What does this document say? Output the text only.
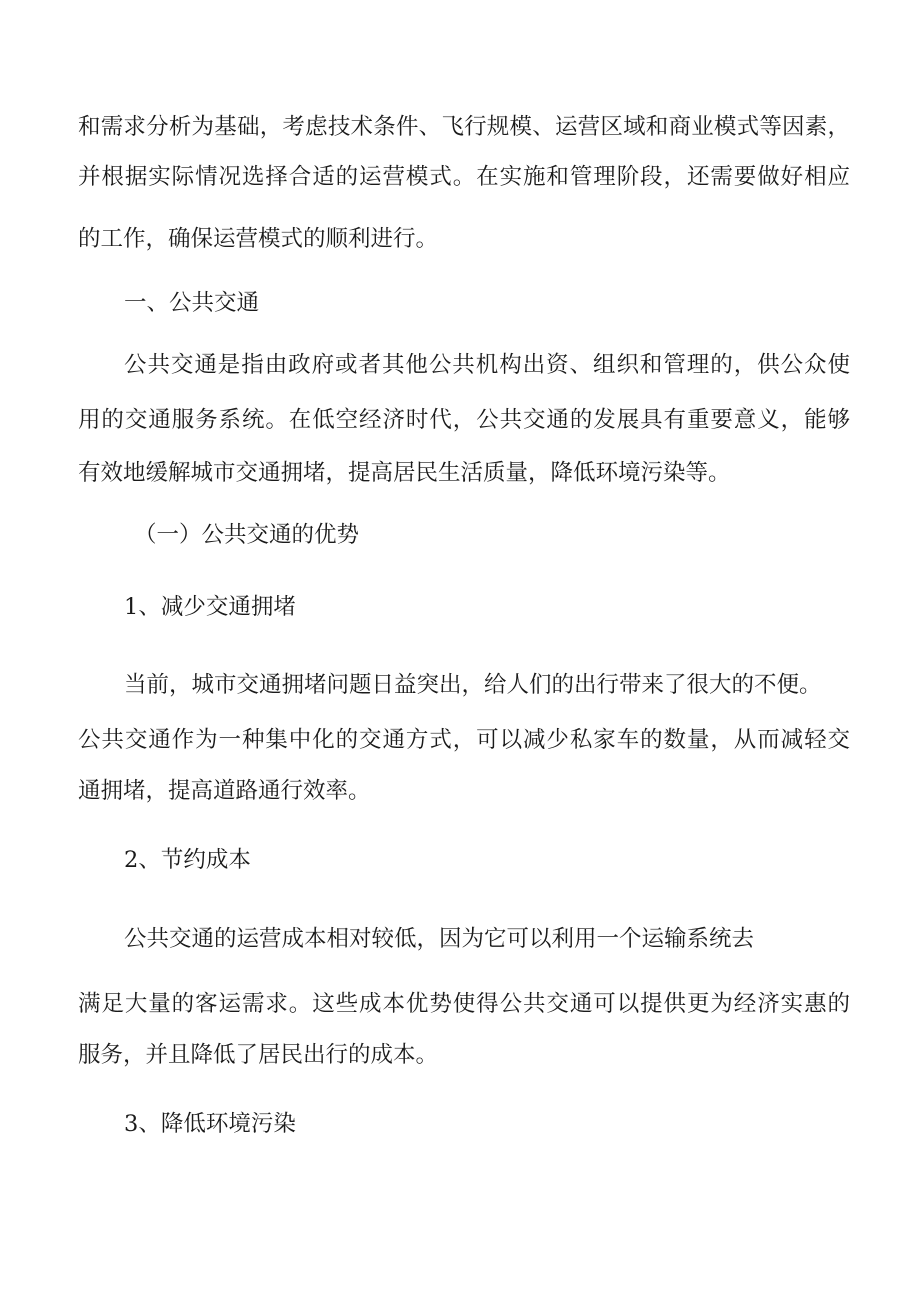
和需求分析为基础，考虑技术条件、飞行规模、运营区域和商业模式等因素，
并根据实际情况选择合适的运营模式。在实施和管理阶段，还需要做好相应
的工作，确保运营模式的顺利进行。
一、公共交通
公共交通是指由政府或者其他公共机构出资、组织和管理的，供公众使
用的交通服务系统。在低空经济时代，公共交通的发展具有重要意义，能够
有效地缓解城市交通拥堵，提高居民生活质量，降低环境污染等。
（一）公共交通的优势
1、减少交通拥堵
当前，城市交通拥堵问题日益突出，给人们的出行带来了很大的不便。
公共交通作为一种集中化的交通方式，可以减少私家车的数量，从而减轻交
通拥堵，提高道路通行效率。
2、节约成本
公共交通的运营成本相对较低，因为它可以利用一个运输系统去
满足大量的客运需求。这些成本优势使得公共交通可以提供更为经济实惠的
服务，并且降低了居民出行的成本。
3、降低环境污染
